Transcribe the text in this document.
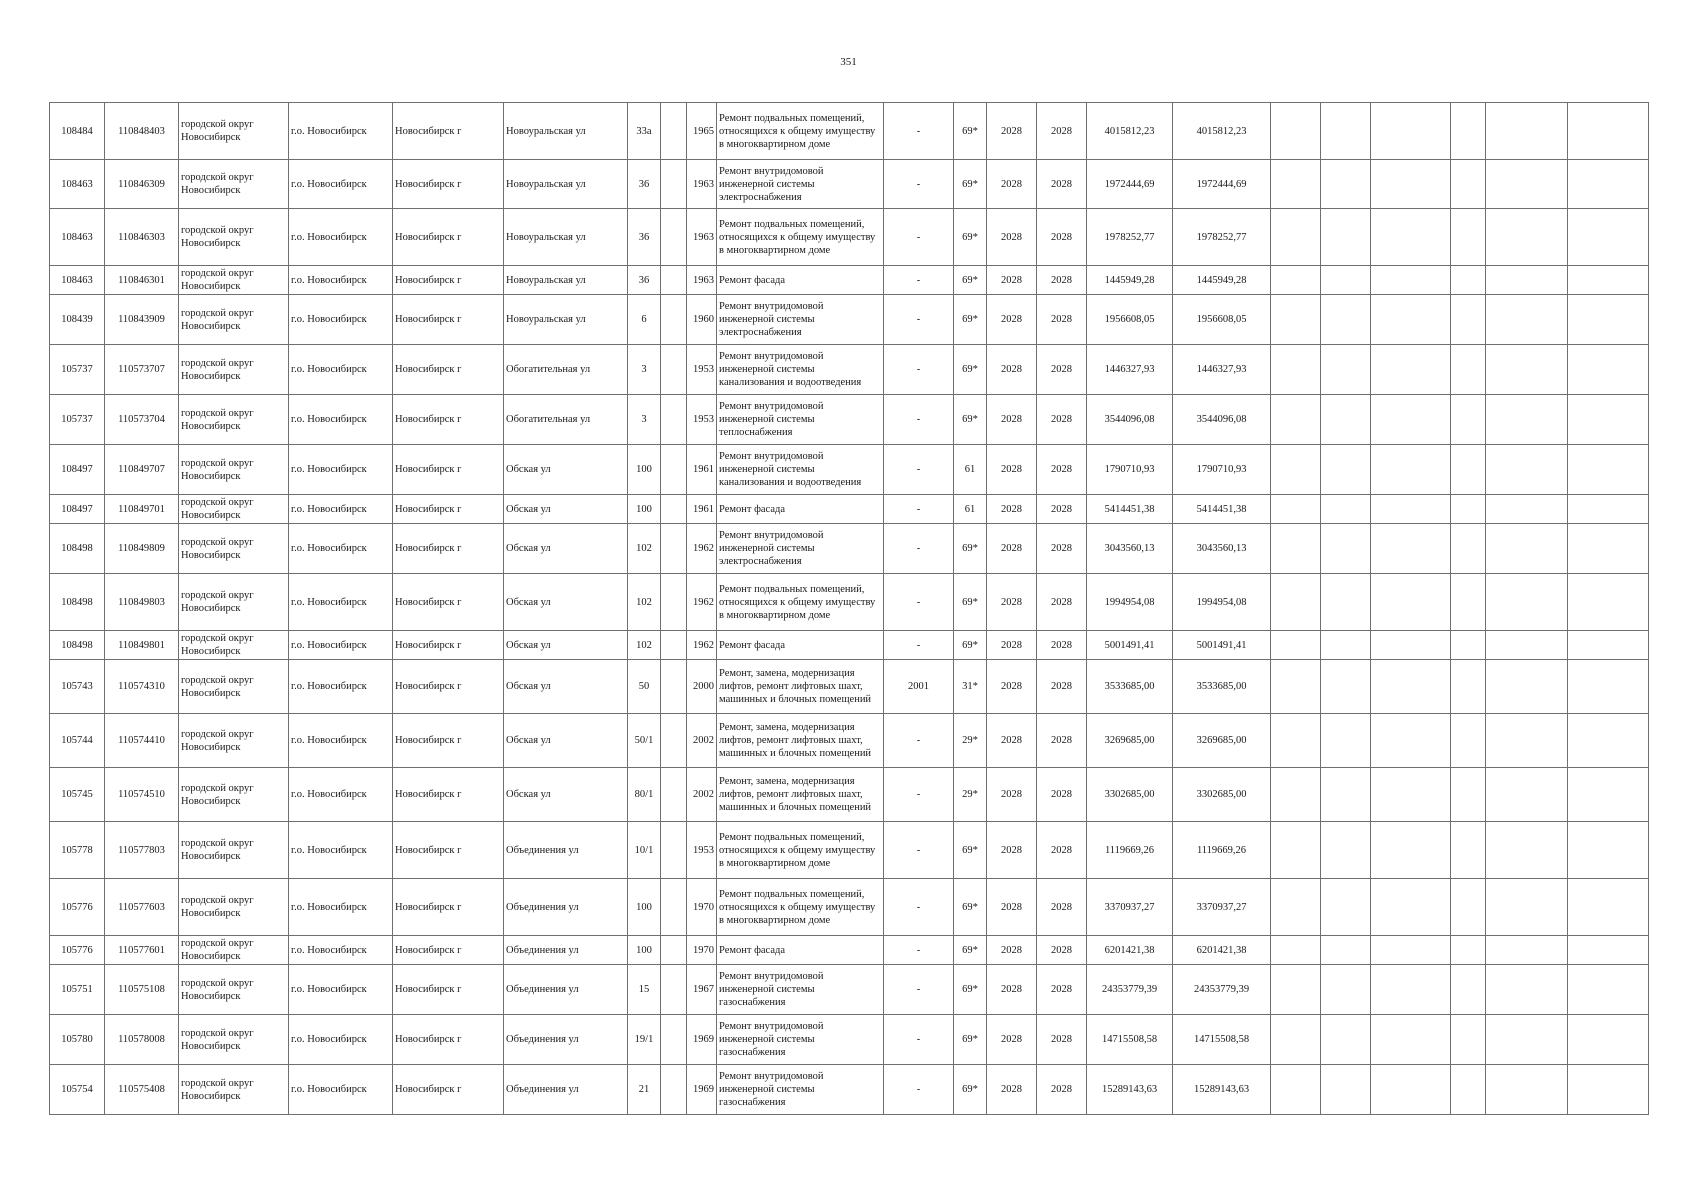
351
108484	110848403	городской округ Новосибирск	г.о. Новосибирск	Новосибирск г	Новоуральская ул	33а		1965	Ремонт подвальных помещений, относящихся к общему имуществу в многоквартирном доме	-	69*	2028	2028	4015812,23	4015812,23						
108463	110846309	городской округ Новосибирск	г.о. Новосибирск	Новосибирск г	Новоуральская ул	36		1963	Ремонт внутридомовой инженерной системы электроснабжения	-	69*	2028	2028	1972444,69	1972444,69						
108463	110846303	городской округ Новосибирск	г.о. Новосибирск	Новосибирск г	Новоуральская ул	36		1963	Ремонт подвальных помещений, относящихся к общему имуществу в многоквартирном доме	-	69*	2028	2028	1978252,77	1978252,77						
108463	110846301	городской округ Новосибирск	г.о. Новосибирск	Новосибирск г	Новоуральская ул	36		1963	Ремонт фасада	-	69*	2028	2028	1445949,28	1445949,28						
108439	110843909	городской округ Новосибирск	г.о. Новосибирск	Новосибирск г	Новоуральская ул	6		1960	Ремонт внутридомовой инженерной системы электроснабжения	-	69*	2028	2028	1956608,05	1956608,05						
105737	110573707	городской округ Новосибирск	г.о. Новосибирск	Новосибирск г	Обогатительная ул	3		1953	Ремонт внутридомовой инженерной системы канализования и водоотведения	-	69*	2028	2028	1446327,93	1446327,93						
105737	110573704	городской округ Новосибирск	г.о. Новосибирск	Новосибирск г	Обогатительная ул	3		1953	Ремонт внутридомовой инженерной системы теплоснабжения	-	69*	2028	2028	3544096,08	3544096,08						
108497	110849707	городской округ Новосибирск	г.о. Новосибирск	Новосибирск г	Обская ул	100		1961	Ремонт внутридомовой инженерной системы канализования и водоотведения	-	61	2028	2028	1790710,93	1790710,93						
108497	110849701	городской округ Новосибирск	г.о. Новосибирск	Новосибирск г	Обская ул	100		1961	Ремонт фасада	-	61	2028	2028	5414451,38	5414451,38						
108498	110849809	городской округ Новосибирск	г.о. Новосибирск	Новосибирск г	Обская ул	102		1962	Ремонт внутридомовой инженерной системы электроснабжения	-	69*	2028	2028	3043560,13	3043560,13						
108498	110849803	городской округ Новосибирск	г.о. Новосибирск	Новосибирск г	Обская ул	102		1962	Ремонт подвальных помещений, относящихся к общему имуществу в многоквартирном доме	-	69*	2028	2028	1994954,08	1994954,08						
108498	110849801	городской округ Новосибирск	г.о. Новосибирск	Новосибирск г	Обская ул	102		1962	Ремонт фасада	-	69*	2028	2028	5001491,41	5001491,41						
105743	110574310	городской округ Новосибирск	г.о. Новосибирск	Новосибирск г	Обская ул	50		2000	Ремонт, замена, модернизация лифтов, ремонт лифтовых шахт, машинных и блочных помещений	2001	31*	2028	2028	3533685,00	3533685,00						
105744	110574410	городской округ Новосибирск	г.о. Новосибирск	Новосибирск г	Обская ул	50/1		2002	Ремонт, замена, модернизация лифтов, ремонт лифтовых шахт, машинных и блочных помещений	-	29*	2028	2028	3269685,00	3269685,00						
105745	110574510	городской округ Новосибирск	г.о. Новосибирск	Новосибирск г	Обская ул	80/1		2002	Ремонт, замена, модернизация лифтов, ремонт лифтовых шахт, машинных и блочных помещений	-	29*	2028	2028	3302685,00	3302685,00						
105778	110577803	городской округ Новосибирск	г.о. Новосибирск	Новосибирск г	Объединения ул	10/1		1953	Ремонт подвальных помещений, относящихся к общему имуществу в многоквартирном доме	-	69*	2028	2028	1119669,26	1119669,26						
105776	110577603	городской округ Новосибирск	г.о. Новосибирск	Новосибирск г	Объединения ул	100		1970	Ремонт подвальных помещений, относящихся к общему имуществу в многоквартирном доме	-	69*	2028	2028	3370937,27	3370937,27						
105776	110577601	городской округ Новосибирск	г.о. Новосибирск	Новосибирск г	Объединения ул	100		1970	Ремонт фасада	-	69*	2028	2028	6201421,38	6201421,38						
105751	110575108	городской округ Новосибирск	г.о. Новосибирск	Новосибирск г	Объединения ул	15		1967	Ремонт внутридомовой инженерной системы газоснабжения	-	69*	2028	2028	24353779,39	24353779,39						
105780	110578008	городской округ Новосибирск	г.о. Новосибирск	Новосибирск г	Объединения ул	19/1		1969	Ремонт внутридомовой инженерной системы газоснабжения	-	69*	2028	2028	14715508,58	14715508,58						
105754	110575408	городской округ Новосибирск	г.о. Новосибирск	Новосибирск г	Объединения ул	21		1969	Ремонт внутридомовой инженерной системы газоснабжения	-	69*	2028	2028	15289143,63	15289143,63						
